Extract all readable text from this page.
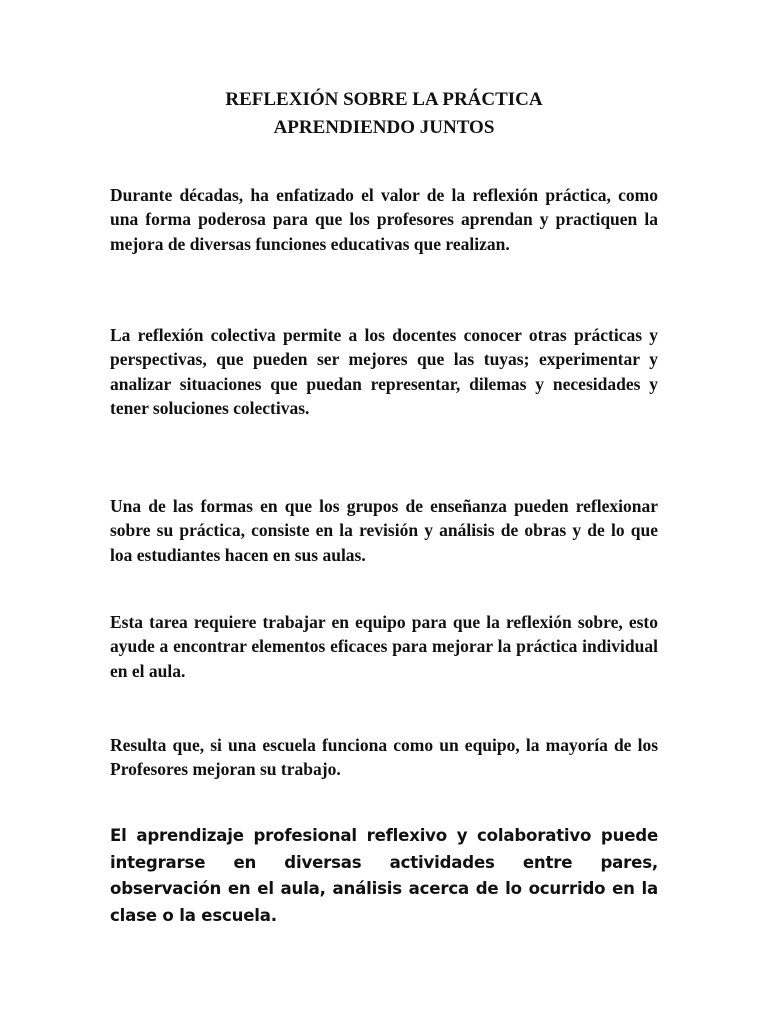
REFLEXIÓN SOBRE LA PRÁCTICA
APRENDIENDO JUNTOS

Durante décadas, ha enfatizado el valor de la reflexión práctica, como una forma poderosa para que los profesores aprendan y practiquen la mejora de diversas funciones educativas que realizan.

La reflexión colectiva permite a los docentes conocer otras prácticas y perspectivas, que pueden ser mejores que las tuyas; experimentar y analizar situaciones que puedan representar, dilemas y necesidades y tener soluciones colectivas.

Una de las formas en que los grupos de enseñanza pueden reflexionar sobre su práctica, consiste en la revisión y análisis de obras y de lo que loa estudiantes hacen en sus aulas.

Esta tarea requiere trabajar en equipo para que la reflexión sobre, esto ayude a encontrar elementos eficaces para mejorar la práctica individual en el aula.

Resulta que, si una escuela funciona como un equipo, la mayoría de los Profesores mejoran su trabajo.

El aprendizaje profesional reflexivo y colaborativo puede integrarse en diversas actividades entre pares, observación en el aula, análisis acerca de lo ocurrido en la clase o la escuela.
